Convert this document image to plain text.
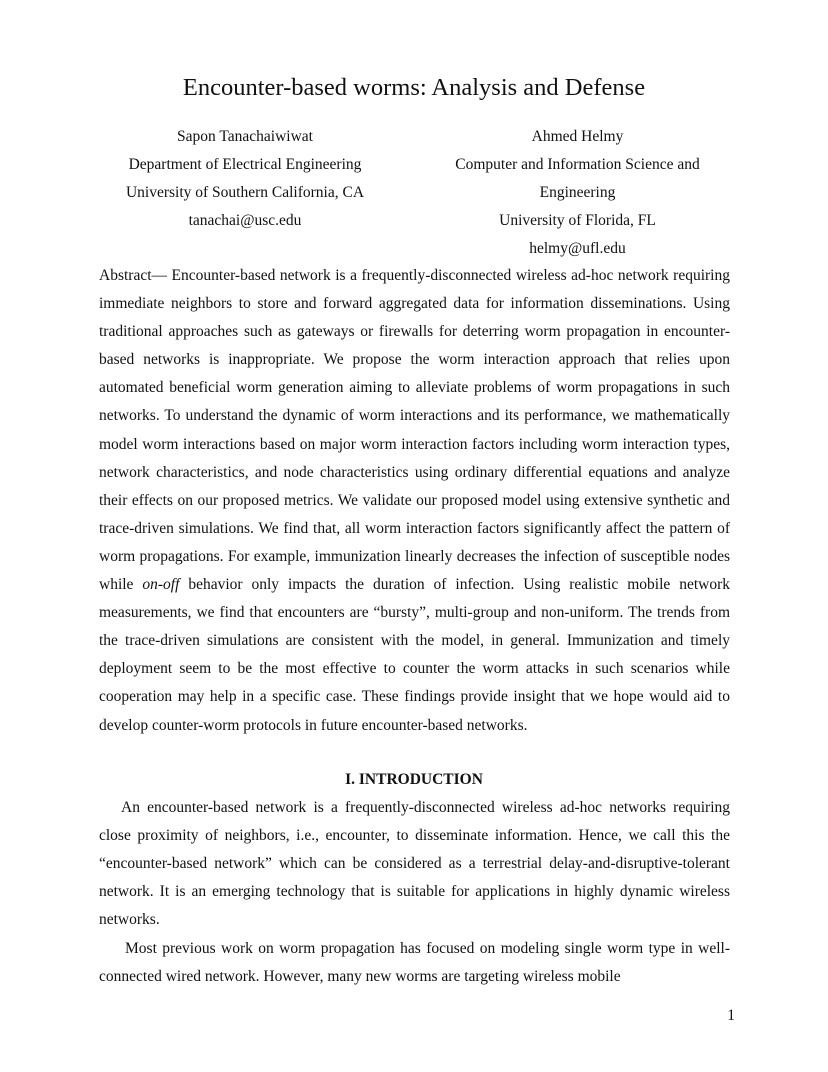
Encounter-based worms: Analysis and Defense
Sapon Tanachaiwiwat
Department of Electrical Engineering
University of Southern California, CA
tanachai@usc.edu
Ahmed Helmy
Computer and Information Science and
Engineering
University of Florida, FL
helmy@ufl.edu

Abstract— Encounter-based network is a frequently-disconnected wireless ad-hoc network requiring immediate neighbors to store and forward aggregated data for information disseminations. Using traditional approaches such as gateways or firewalls for deterring worm propagation in encounter-based networks is inappropriate. We propose the worm interaction approach that relies upon automated beneficial worm generation aiming to alleviate problems of worm propagations in such networks. To understand the dynamic of worm interactions and its performance, we mathematically model worm interactions based on major worm interaction factors including worm interaction types, network characteristics, and node characteristics using ordinary differential equations and analyze their effects on our proposed metrics. We validate our proposed model using extensive synthetic and trace-driven simulations. We find that, all worm interaction factors significantly affect the pattern of worm propagations. For example, immunization linearly decreases the infection of susceptible nodes while on-off behavior only impacts the duration of infection. Using realistic mobile network measurements, we find that encounters are “bursty”, multi-group and non-uniform. The trends from the trace-driven simulations are consistent with the model, in general. Immunization and timely deployment seem to be the most effective to counter the worm attacks in such scenarios while cooperation may help in a specific case. These findings provide insight that we hope would aid to develop counter-worm protocols in future encounter-based networks.

I. INTRODUCTION

An encounter-based network is a frequently-disconnected wireless ad-hoc networks requiring close proximity of neighbors, i.e., encounter, to disseminate information. Hence, we call this the “encounter-based network” which can be considered as a terrestrial delay-and-disruptive-tolerant network. It is an emerging technology that is suitable for applications in highly dynamic wireless networks.

Most previous work on worm propagation has focused on modeling single worm type in well-connected wired network. However, many new worms are targeting wireless mobile

1
